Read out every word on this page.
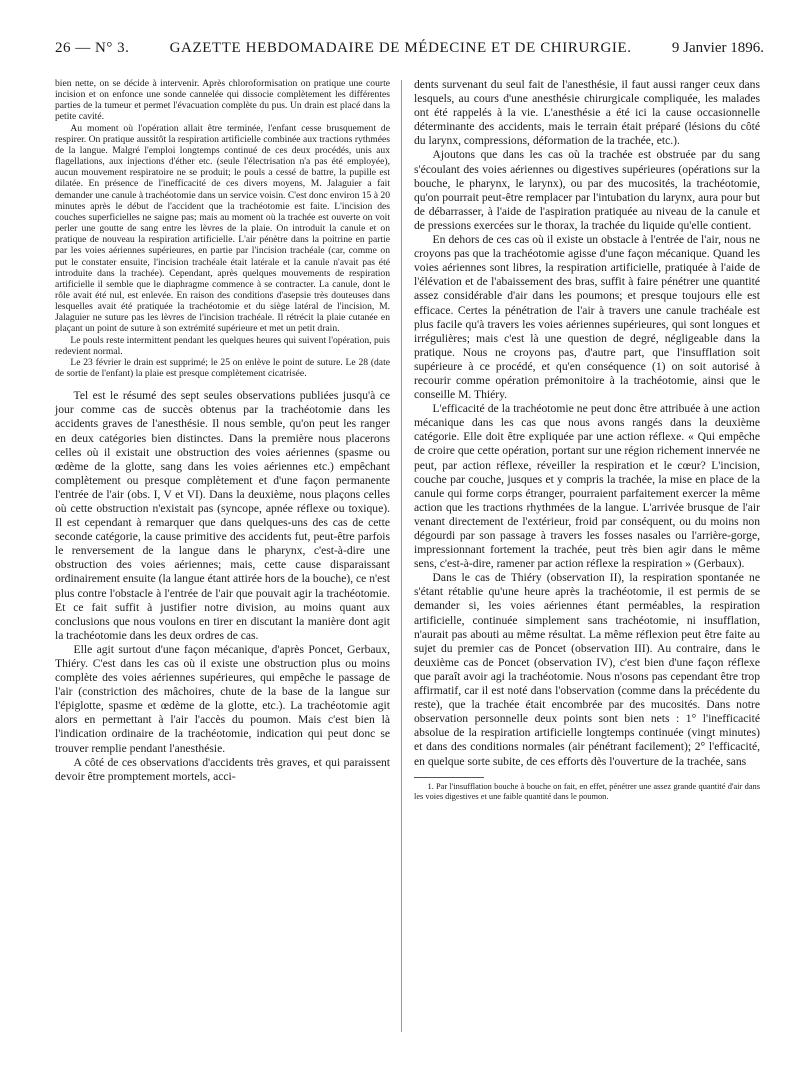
26 — N° 3.	GAZETTE HEBDOMADAIRE DE MÉDECINE ET DE CHIRURGIE.	9 Janvier 1896.

bien nette, on se décide à intervenir. Après chloroformisation on pratique une courte incision et on enfonce une sonde cannelée qui dissocie complètement les différentes parties de la tumeur et permet l'évacuation complète du pus. Un drain est placé dans la petite cavité.

Au moment où l'opération allait être terminée, l'enfant cesse brusquement de respirer. On pratique aussitôt la respiration artificielle combinée aux tractions rythmées de la langue. Malgré l'emploi longtemps continué de ces deux procédés, unis aux flagellations, aux injections d'éther etc. (seule l'électrisation n'a pas été employée), aucun mouvement respiratoire ne se produit; le pouls a cessé de battre, la pupille est dilatée. En présence de l'inefficacité de ces divers moyens, M. Jalaguier a fait demander une canule à trachéotomie dans un service voisin. C'est donc environ 15 à 20 minutes après le début de l'accident que la trachéotomie est faite. L'incision des couches superficielles ne saigne pas; mais au moment où la trachée est ouverte on voit perler une goutte de sang entre les lèvres de la plaie. On introduit la canule et on pratique de nouveau la respiration artificielle. L'air pénètre dans la poitrine en partie par les voies aériennes supérieures, en partie par l'incision trachéale (car, comme on put le constater ensuite, l'incision trachéale était latérale et la canule n'avait pas été introduite dans la trachée). Cependant, après quelques mouvements de respiration artificielle il semble que le diaphragme commence à se contracter. La canule, dont le rôle avait été nul, est enlevée. En raison des conditions d'asepsie très douteuses dans lesquelles avait été pratiquée la trachéotomie et du siège latéral de l'incision, M. Jalaguier ne suture pas les lèvres de l'incision trachéale. Il rétrécit la plaie cutanée en plaçant un point de suture à son extrémité supérieure et met un petit drain.

Le pouls reste intermittent pendant les quelques heures qui suivent l'opération, puis redevient normal.

Le 23 février le drain est supprimé; le 25 on enlève le point de suture. Le 28 (date de sortie de l'enfant) la plaie est presque complètement cicatrisée.

Tel est le résumé des sept seules observations publiées jusqu'à ce jour comme cas de succès obtenus par la trachéotomie dans les accidents graves de l'anesthésie. Il nous semble, qu'on peut les ranger en deux catégories bien distinctes. Dans la première nous placerons celles où il existait une obstruction des voies aériennes (spasme ou œdème de la glotte, sang dans les voies aériennes etc.) empêchant complètement ou presque complètement et d'une façon permanente l'entrée de l'air (obs. I, V et VI). Dans la deuxième, nous plaçons celles où cette obstruction n'existait pas (syncope, apnée réflexe ou toxique). Il est cependant à remarquer que dans quelques-uns des cas de cette seconde catégorie, la cause primitive des accidents fut, peut-être parfois le renversement de la langue dans le pharynx, c'est-à-dire une obstruction des voies aériennes; mais, cette cause disparaissant ordinairement ensuite (la langue étant attirée hors de la bouche), ce n'est plus contre l'obstacle à l'entrée de l'air que pouvait agir la trachéotomie. Et ce fait suffit à justifier notre division, au moins quant aux conclusions que nous voulons en tirer en discutant la manière dont agit la trachéotomie dans les deux ordres de cas.

Elle agit surtout d'une façon mécanique, d'après Poncet, Gerbaux, Thiéry. C'est dans les cas où il existe une obstruction plus ou moins complète des voies aériennes supérieures, qui empêche le passage de l'air (constriction des mâchoires, chute de la base de la langue sur l'épiglotte, spasme et œdème de la glotte, etc.). La trachéotomie agit alors en permettant à l'air l'accès du poumon. Mais c'est bien là l'indication ordinaire de la trachéotomie, indication qui peut donc se trouver remplie pendant l'anesthésie.

A côté de ces observations d'accidents très graves, et qui paraissent devoir être promptement mortels, acci-

dents survenant du seul fait de l'anesthésie, il faut aussi ranger ceux dans lesquels, au cours d'une anesthésie chirurgicale compliquée, les malades ont été rappelés à la vie. L'anesthésie a été ici la cause occasionnelle déterminante des accidents, mais le terrain était préparé (lésions du côté du larynx, compressions, déformation de la trachée, etc.).

Ajoutons que dans les cas où la trachée est obstruée par du sang s'écoulant des voies aériennes ou digestives supérieures (opérations sur la bouche, le pharynx, le larynx), ou par des mucosités, la trachéotomie, qu'on pourrait peut-être remplacer par l'intubation du larynx, aura pour but de débarrasser, à l'aide de l'aspiration pratiquée au niveau de la canule et de pressions exercées sur le thorax, la trachée du liquide qu'elle contient.

En dehors de ces cas où il existe un obstacle à l'entrée de l'air, nous ne croyons pas que la trachéotomie agisse d'une façon mécanique. Quand les voies aériennes sont libres, la respiration artificielle, pratiquée à l'aide de l'élévation et de l'abaissement des bras, suffit à faire pénétrer une quantité assez considérable d'air dans les poumons; et presque toujours elle est efficace. Certes la pénétration de l'air à travers une canule trachéale est plus facile qu'à travers les voies aériennes supérieures, qui sont longues et irrégulières; mais c'est là une question de degré, négligeable dans la pratique. Nous ne croyons pas, d'autre part, que l'insufflation soit supérieure à ce procédé, et qu'en conséquence (1) on soit autorisé à recourir comme opération prémonitoire à la trachéotomie, ainsi que le conseille M. Thiéry.

L'efficacité de la trachéotomie ne peut donc être attribuée à une action mécanique dans les cas que nous avons rangés dans la deuxième catégorie. Elle doit être expliquée par une action réflexe. « Qui empêche de croire que cette opération, portant sur une région richement innervée ne peut, par action réflexe, réveiller la respiration et le cœur? L'incision, couche par couche, jusques et y compris la trachée, la mise en place de la canule qui forme corps étranger, pourraient parfaitement exercer la même action que les tractions rhythmées de la langue. L'arrivée brusque de l'air venant directement de l'extérieur, froid par conséquent, ou du moins non dégourdi par son passage à travers les fosses nasales ou l'arrière-gorge, impressionnant fortement la trachée, peut très bien agir dans le même sens, c'est-à-dire, ramener par action réflexe la respiration » (Gerbaux).

Dans le cas de Thiéry (observation II), la respiration spontanée ne s'étant rétablie qu'une heure après la trachéotomie, il est permis de se demander si, les voies aériennes étant perméables, la respiration artificielle, continuée simplement sans trachéotomie, ni insufflation, n'aurait pas abouti au même résultat. La même réflexion peut être faite au sujet du premier cas de Poncet (observation III). Au contraire, dans le deuxième cas de Poncet (observation IV), c'est bien d'une façon réflexe que paraît avoir agi la trachéotomie. Nous n'osons pas cependant être trop affirmatif, car il est noté dans l'observation (comme dans la précédente du reste), que la trachée était encombrée par des mucosités. Dans notre observation personnelle deux points sont bien nets : 1° l'inefficacité absolue de la respiration artificielle longtemps continuée (vingt minutes) et dans des conditions normales (air pénétrant facilement); 2° l'efficacité, en quelque sorte subite, de ces efforts dès l'ouverture de la trachée, sans

1. Par l'insufflation bouche à bouche on fait, en effet, pénétrer une assez grande quantité d'air dans les voies digestives et une faible quantité dans le poumon.
